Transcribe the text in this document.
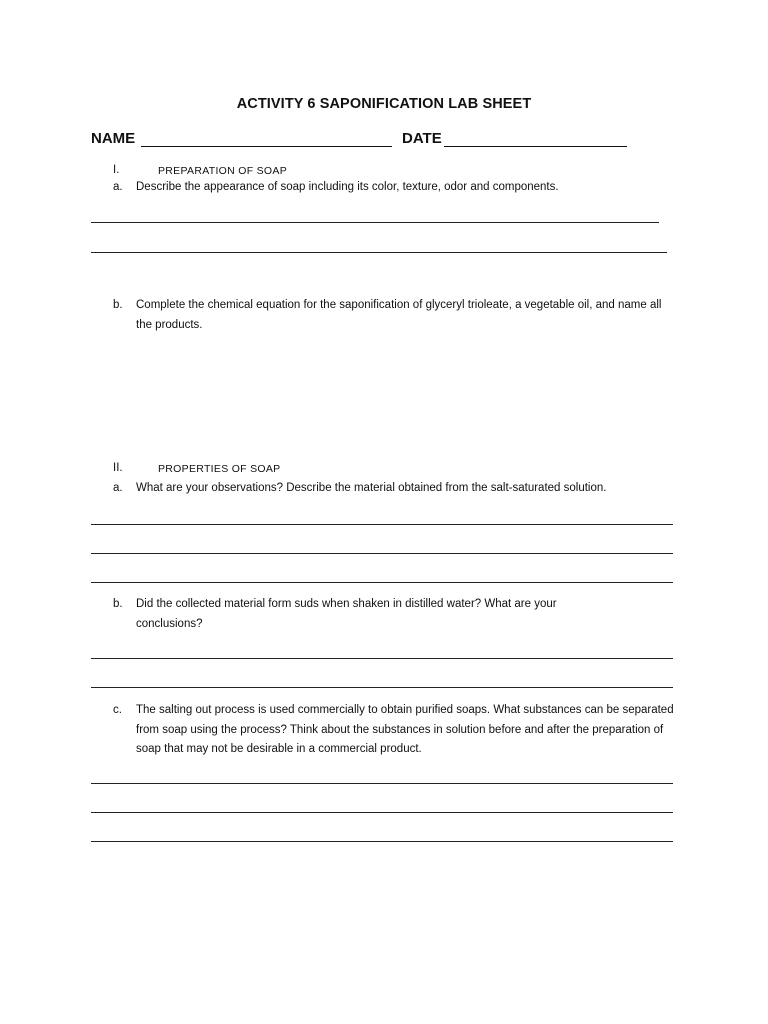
ACTIVITY 6 SAPONIFICATION LAB SHEET
NAME	DATE
I.	PREPARATION OF SOAP
a. Describe the appearance of soap including its color, texture, odor and components.
b. Complete the chemical equation for the saponification of glyceryl trioleate, a vegetable oil, and name all the products.
II.	PROPERTIES OF SOAP
a. What are your observations? Describe the material obtained from the salt-saturated solution.
b. Did the collected material form suds when shaken in distilled water? What are your conclusions?
c. The salting out process is used commercially to obtain purified soaps. What substances can be separated from soap using the process? Think about the substances in solution before and after the preparation of soap that may not be desirable in a commercial product.
